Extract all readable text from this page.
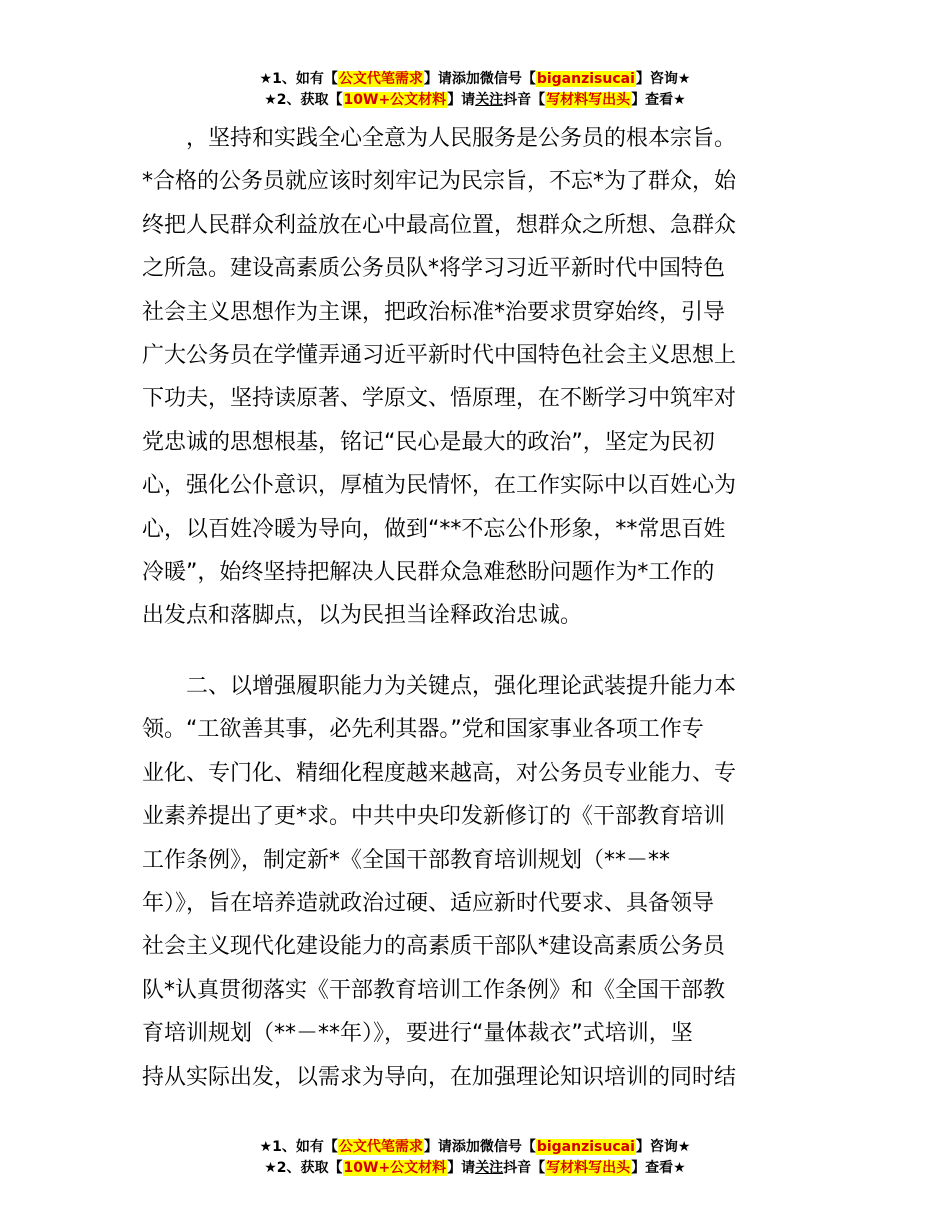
★1、如有【公文代笔需求】请添加微信号【biganzisucai】咨询★
★2、获取【10W+公文材料】请关注抖音【写材料写出头】查看★
　　，坚持和实践全心全意为人民服务是公务员的根本宗旨。
*合格的公务员就应该时刻牢记为民宗旨，不忘*为了群众，始
终把人民群众利益放在心中最高位置，想群众之所想、急群众
之所急。建设高素质公务员队*将学习习近平新时代中国特色
社会主义思想作为主课，把政治标准*治要求贯穿始终，引导
广大公务员在学懂弄通习近平新时代中国特色社会主义思想上
下功夫，坚持读原著、学原文、悟原理，在不断学习中筑牢对
党忠诚的思想根基，铭记“民心是最大的政治”，坚定为民初
心，强化公仆意识，厚植为民情怀，在工作实际中以百姓心为
心，以百姓冷暖为导向，做到“**不忘公仆形象，**常思百姓
冷暖”，始终坚持把解决人民群众急难愁盼问题作为*工作的
出发点和落脚点，以为民担当诠释政治忠诚。
　　二、以增强履职能力为关键点，强化理论武装提升能力本
领。“工欲善其事，必先利其器。”党和国家事业各项工作专
业化、专门化、精细化程度越来越高，对公务员专业能力、专
业素养提出了更*求。中共中央印发新修订的《干部教育培训
工作条例》，制定新*《全国干部教育培训规划（**－**
年）》，旨在培养造就政治过硬、适应新时代要求、具备领导
社会主义现代化建设能力的高素质干部队*建设高素质公务员
队*认真贯彻落实《干部教育培训工作条例》和《全国干部教
育培训规划（**－**年）》，要进行“量体裁衣”式培训，坚
持从实际出发，以需求为导向，在加强理论知识培训的同时结
★1、如有【公文代笔需求】请添加微信号【biganzisucai】咨询★
★2、获取【10W+公文材料】请关注抖音【写材料写出头】查看★
